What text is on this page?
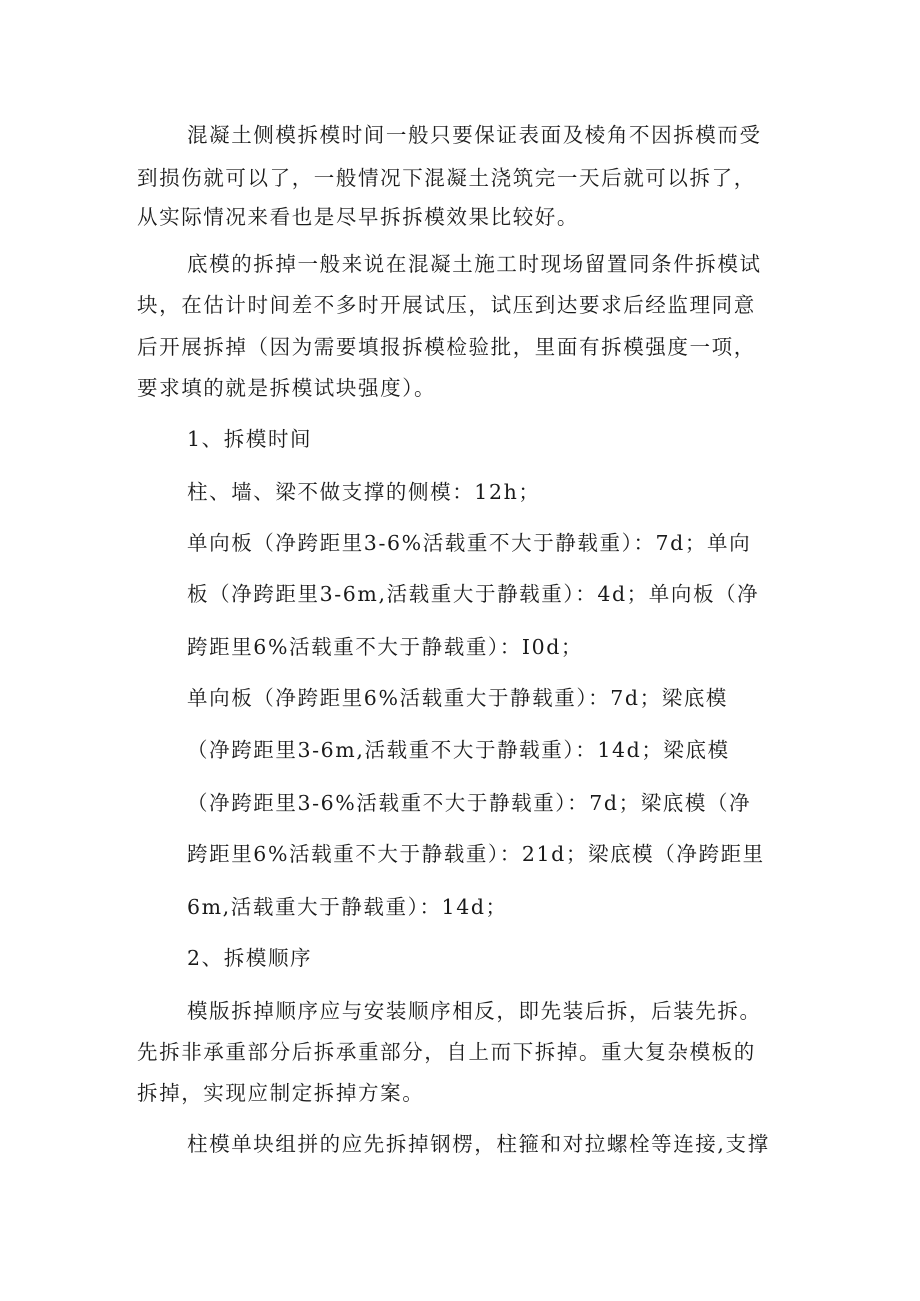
混凝土侧模拆模时间一般只要保证表面及棱角不因拆模而受
到损伤就可以了，一般情况下混凝土浇筑完一天后就可以拆了，
从实际情况来看也是尽早拆拆模效果比较好。
底模的拆掉一般来说在混凝土施工时现场留置同条件拆模试
块，在估计时间差不多时开展试压，试压到达要求后经监理同意
后开展拆掉（因为需要填报拆模检验批，里面有拆模强度一项，
要求填的就是拆模试块强度）。
1、拆模时间
柱、墙、梁不做支撑的侧模：12h；
单向板（净跨距里3-6%活载重不大于静载重）：7d；单向
板（净跨距里3-6m,活载重大于静载重）：4d；单向板（净
跨距里6%活载重不大于静载重）：I0d；
单向板（净跨距里6%活载重大于静载重）：7d；梁底模
（净跨距里3-6m,活载重不大于静载重）：14d；梁底模
（净跨距里3-6%活载重不大于静载重）：7d；梁底模（净
跨距里6%活载重不大于静载重）：21d；梁底模（净跨距里
6m,活载重大于静载重）：14d；
2、拆模顺序
模版拆掉顺序应与安装顺序相反，即先装后拆，后装先拆。
先拆非承重部分后拆承重部分，自上而下拆掉。重大复杂模板的
拆掉，实现应制定拆掉方案。
柱模单块组拼的应先拆掉钢楞，柱箍和对拉螺栓等连接,支撑
